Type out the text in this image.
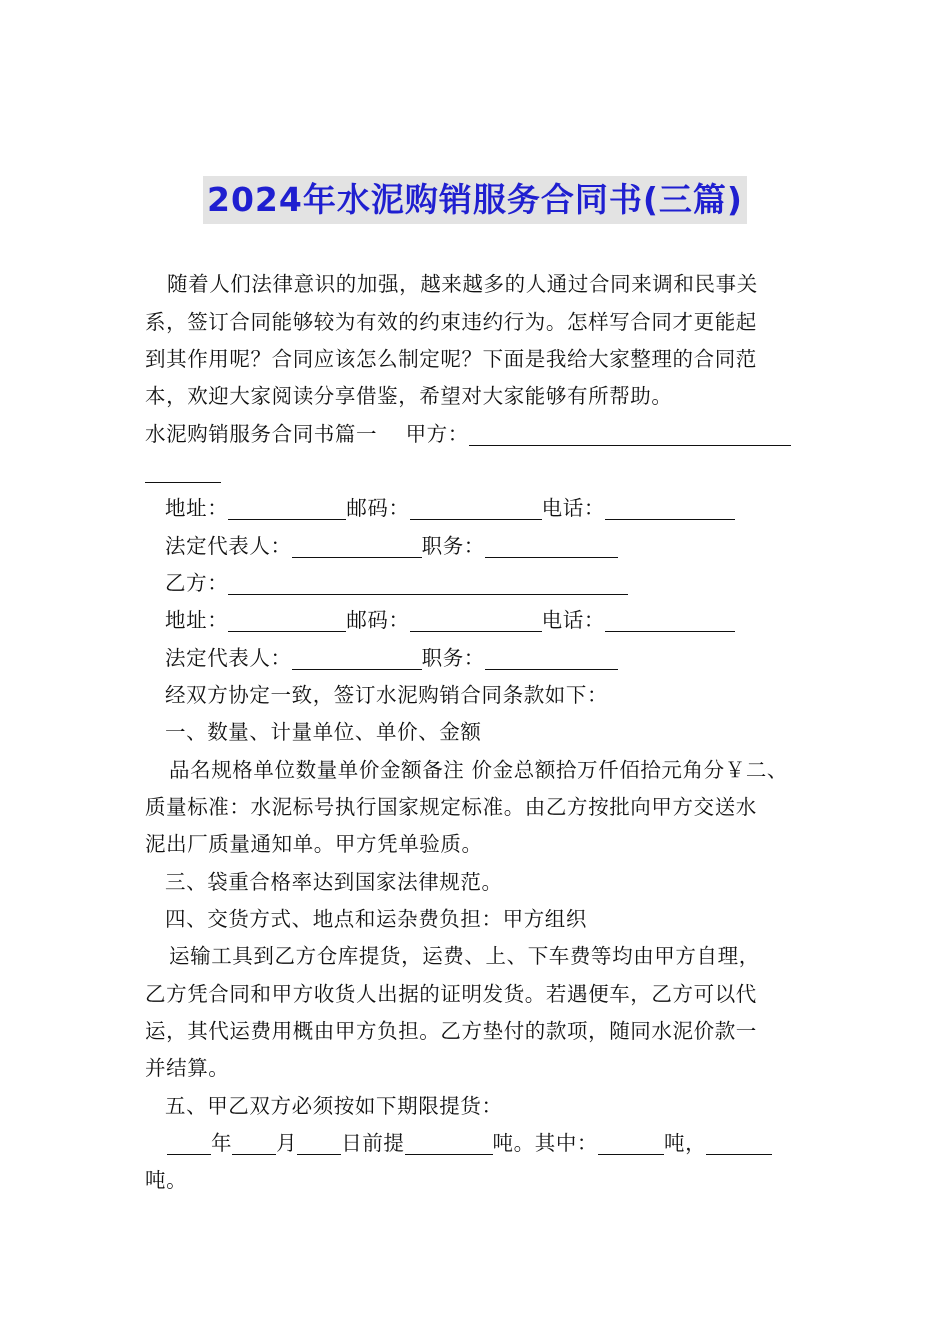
2024年水泥购销服务合同书(三篇)
随着人们法律意识的加强，越来越多的人通过合同来调和民事关
系，签订合同能够较为有效的约束违约行为。怎样写合同才更能起
到其作用呢？合同应该怎么制定呢？下面是我给大家整理的合同范
本，欢迎大家阅读分享借鉴，希望对大家能够有所帮助。
水泥购销服务合同书篇一 甲方：
地址：	邮码：	电话：
法定代表人：	职务：
乙方：
地址：	邮码：	电话：
法定代表人：	职务：
经双方协定一致，签订水泥购销合同条款如下：
一、数量、计量单位、单价、金额
品名规格单位数量单价金额备注 价金总额拾万仟佰拾元角分￥二、
质量标准：水泥标号执行国家规定标准。由乙方按批向甲方交送水
泥出厂质量通知单。甲方凭单验质。
三、袋重合格率达到国家法律规范。
四、交货方式、地点和运杂费负担：甲方组织
运输工具到乙方仓库提货，运费、上、下车费等均由甲方自理，
乙方凭合同和甲方收货人出据的证明发货。若遇便车，乙方可以代
运，其代运费用概由甲方负担。乙方垫付的款项，随同水泥价款一
并结算。
五、甲乙双方必须按如下期限提货：
年 月 日前提	吨。其中：	吨，
吨。
